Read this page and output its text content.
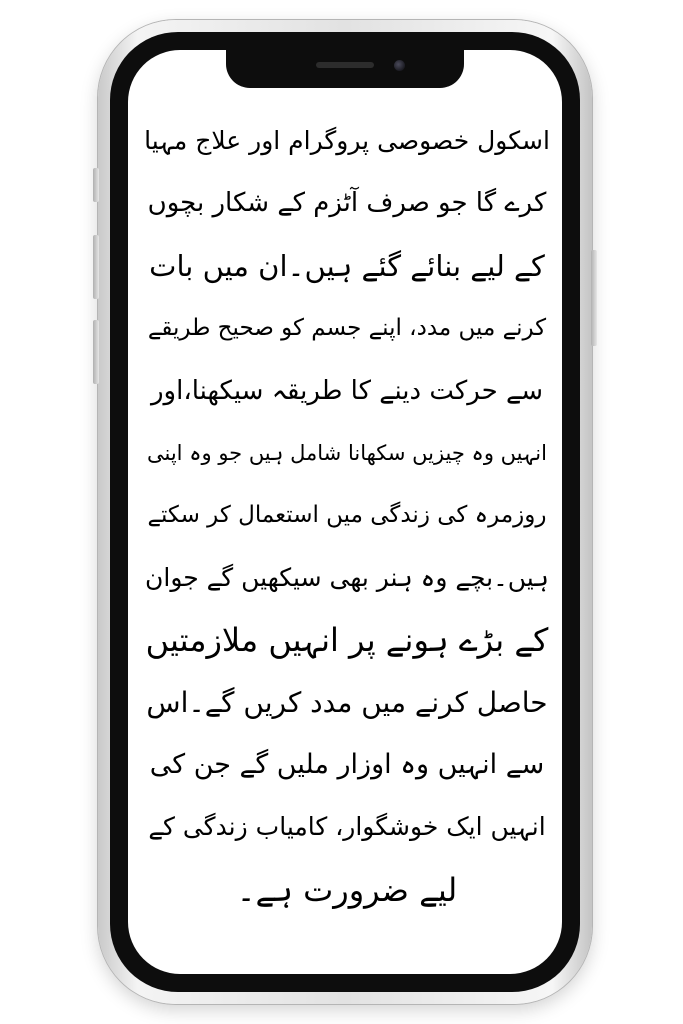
اسکول خصوصی پروگرام اور علاج مہیا
کرے گا جو صرف آٹزم کے شکار بچوں
کے لیے بنائے گئے ہیں۔ان میں بات
کرنے میں مدد، اپنے جسم کو صحیح طریقے
سے حرکت دینے کا طریقہ سیکھنا،اور
انہیں وہ چیزیں سکھانا شامل ہیں جو وہ اپنی
روزمرہ کی زندگی میں استعمال کر سکتے
ہیں۔بچے وہ ہنر بھی سیکھیں گے جوان
کے بڑے ہونے پر انہیں ملازمتیں
حاصل کرنے میں مدد کریں گے۔اس
سے انہیں وہ اوزار ملیں گے جن کی
انہیں ایک خوشگوار، کامیاب زندگی کے
لیے ضرورت ہے۔
